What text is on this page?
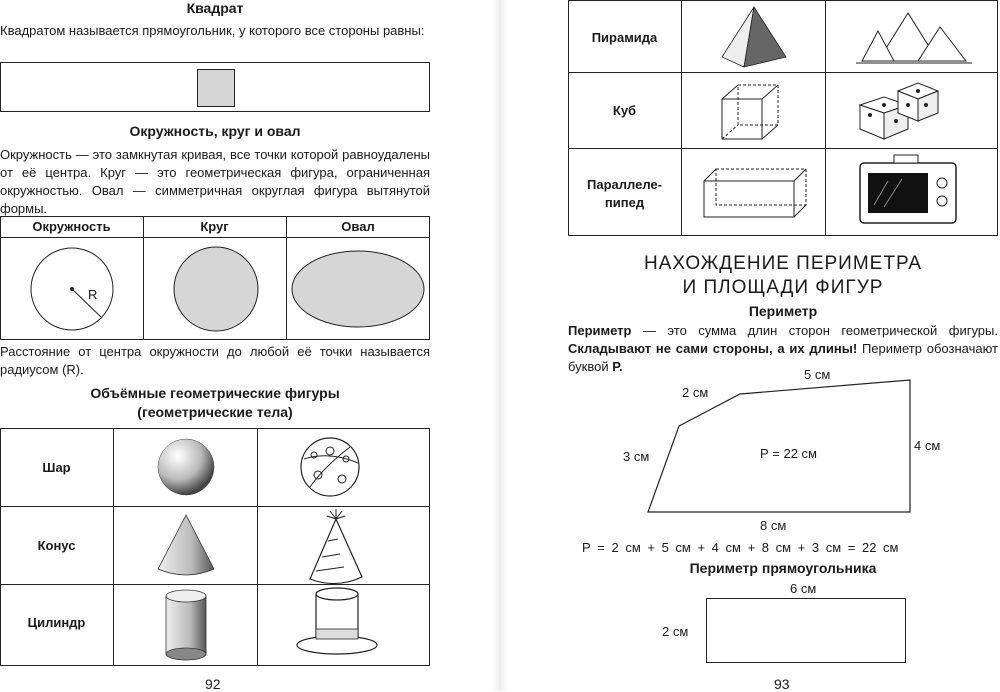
Квадрат

Квадратом называется прямоугольник, у которого все стороны равны:

Окружность, круг и овал

Окружность — это замкнутая кривая, все точки которой равноудалены от её центра. Круг — это геометрическая фигура, ограниченная окружностью. Овал — симметричная округлая фигура вытянутой формы.

Окружность	Круг	Овал
R

Расстояние от центра окружности до любой её точки называется радиусом (R).

Объёмные геометрические фигуры
(геометрические тела)
Шар
Конус
Цилиндр
92
Пирамида
Куб
Параллеле-
пипед
НАХОЖДЕНИЕ ПЕРИМЕТРА
И ПЛОЩАДИ ФИГУР
Периметр

Периметр — это сумма длин сторон геометрической фигуры. Складывают не сами стороны, а их длины! Периметр обозначают буквой Р.

5 см
2 см
3 см
4 см
8 см
Р = 22 см
Р = 2 см + 5 см + 4 см + 8 см + 3 см = 22 см
Периметр прямоугольника
6 см
2 см
93
